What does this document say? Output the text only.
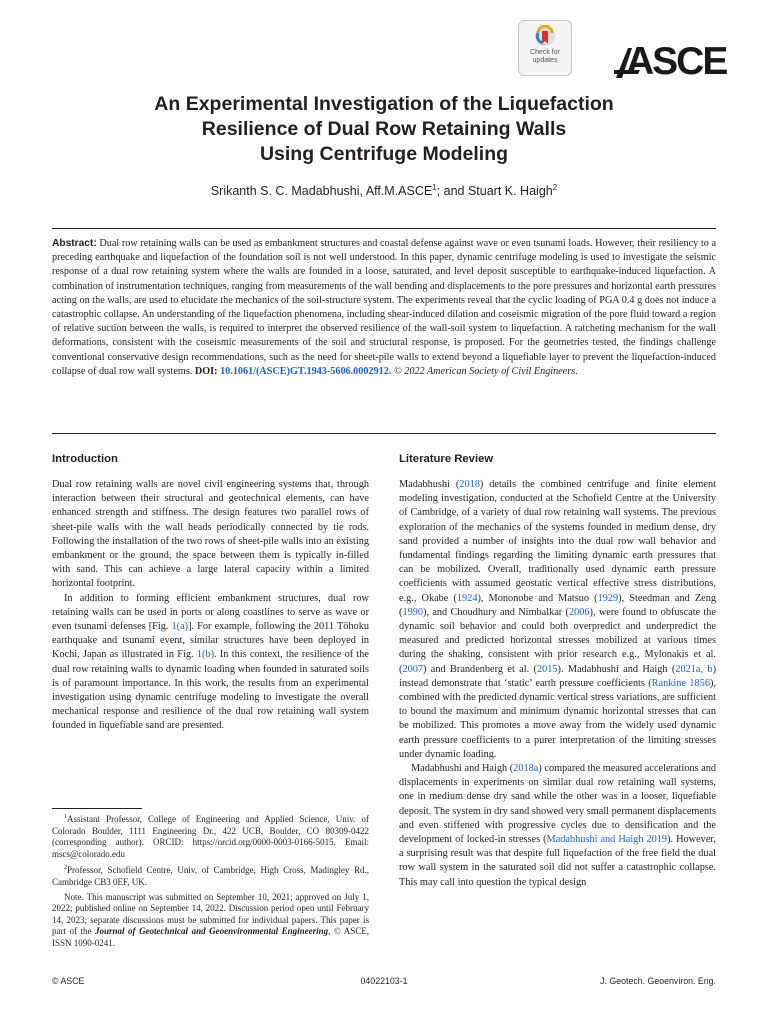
Check for
updates	ASCE
An Experimental Investigation of the Liquefaction
Resilience of Dual Row Retaining Walls
Using Centrifuge Modeling
Srikanth S. C. Madabhushi, Aff.M.ASCE$^1$; and Stuart K. Haigh$^2$

Abstract: Dual row retaining walls can be used as embankment structures and coastal defense against wave or even tsunami loads. However, their resiliency to a preceding earthquake and liquefaction of the foundation soil is not well understood. In this paper, dynamic centrifuge modeling is used to investigate the seismic response of a dual row retaining system where the walls are founded in a loose, saturated, and level deposit susceptible to earthquake-induced liquefaction. A combination of instrumentation techniques, ranging from measurements of the wall bending and displacements to the pore pressures and horizontal earth pressures acting on the walls, are used to elucidate the mechanics of the soil-structure system. The experiments reveal that the cyclic loading of PGA 0.4 g does not induce a catastrophic collapse. An understanding of the liquefaction phenomena, including shear-induced dilation and coseismic migration of the pore fluid toward a region of relative suction between the walls, is required to interpret the observed resilience of the wall-soil system to liquefaction. A ratcheting mechanism for the wall deformations, consistent with the coseismic measurements of the soil and structural response, is proposed. For the geometries tested, the findings challenge conventional conservative design recommendations, such as the need for sheet-pile walls to extend beyond a liquefiable layer to prevent the liquefaction-induced collapse of dual row wall systems. DOI: 10.1061/(ASCE)GT.1943-5606.0002912. © 2022 American Society of Civil Engineers.

Introduction

Dual row retaining walls are novel civil engineering systems that, through interaction between their structural and geotechnical elements, can have enhanced strength and stiffness. The design features two parallel rows of sheet-pile walls with the wall heads periodically connected by tie rods. Following the installation of the two rows of sheet-pile walls into an existing embankment or the ground, the space between them is typically in-filled with sand. This can achieve a large lateral capacity within a limited horizontal footprint.

In addition to forming efficient embankment structures, dual row retaining walls can be used in ports or along coastlines to serve as wave or even tsunami defenses [Fig. 1(a)]. For example, following the 2011 Tōhoku earthquake and tsunami event, similar structures have been deployed in Kochi, Japan as illustrated in Fig. 1(b). In this context, the resilience of the dual row retaining walls to dynamic loading when founded in saturated soils is of paramount importance. In this work, the results from an experimental investigation using dynamic centrifuge modeling to investigate the overall mechanical response and resilience of the dual row retaining wall system founded in liquefiable sand are presented.

$^1$Assistant Professor, College of Engineering and Applied Science, Univ. of Colorado Boulder, 1111 Engineering Dr., 422 UCB, Boulder, CO 80309-0422 (corresponding author). ORCID: https://orcid.org/0000-0003-0166-5015. Email: mscs@colorado.edu

$^2$Professor, Schofield Centre, Univ. of Cambridge, High Cross, Madingley Rd., Cambridge CB3 0EF, UK.

Note. This manuscript was submitted on September 10, 2021; approved on July 1, 2022; published online on September 14, 2022. Discussion period open until February 14, 2023; separate discussions must be submitted for individual papers. This paper is part of the Journal of Geotechnical and Geoenvironmental Engineering, © ASCE, ISSN 1090-0241.

Literature Review

Madabhushi (2018) details the combined centrifuge and finite element modeling investigation, conducted at the Schofield Centre at the University of Cambridge, of a variety of dual row retaining wall systems. The previous exploration of the mechanics of the systems founded in medium dense, dry sand provided a number of insights into the dual row wall behavior and fundamental findings regarding the limiting dynamic earth pressures that can be mobilized. Overall, traditionally used dynamic earth pressure coefficients with assumed geostatic vertical effective stress distributions, e.g., Okabe (1924), Mononobe and Matsuo (1929), Steedman and Zeng (1990), and Choudhury and Nimbalkar (2006), were found to obfuscate the dynamic soil behavior and could both overpredict and underpredict the measured and predicted horizontal stresses mobilized at various times during the shaking, consistent with prior research e.g., Mylonakis et al. (2007) and Brandenberg et al. (2015). Madabhushi and Haigh (2021a, b) instead demonstrate that ‘static’ earth pressure coefficients (Rankine 1856), combined with the predicted dynamic vertical stress variations, are sufficient to bound the maximum and minimum dynamic horizontal stresses that can be mobilized. This promotes a move away from the widely used dynamic earth pressure coefficients to a purer interpretation of the limiting stresses under dynamic loading.

Madabhushi and Haigh (2018a) compared the measured accelerations and displacements in experiments on similar dual row retaining wall systems, one in medium dense dry sand while the other was in a looser, liquefiable deposit. The system in dry sand showed very small permanent displacements and even stiffened with progressive cycles due to densification and the development of locked-in stresses (Madabhushi and Haigh 2019). However, a surprising result was that despite full liquefaction of the free field the dual row wall system in the saturated soil did not suffer a catastrophic collapse. This may call into question the typical design

© ASCE	04022103-1	J. Geotech. Geoenviron. Eng.
